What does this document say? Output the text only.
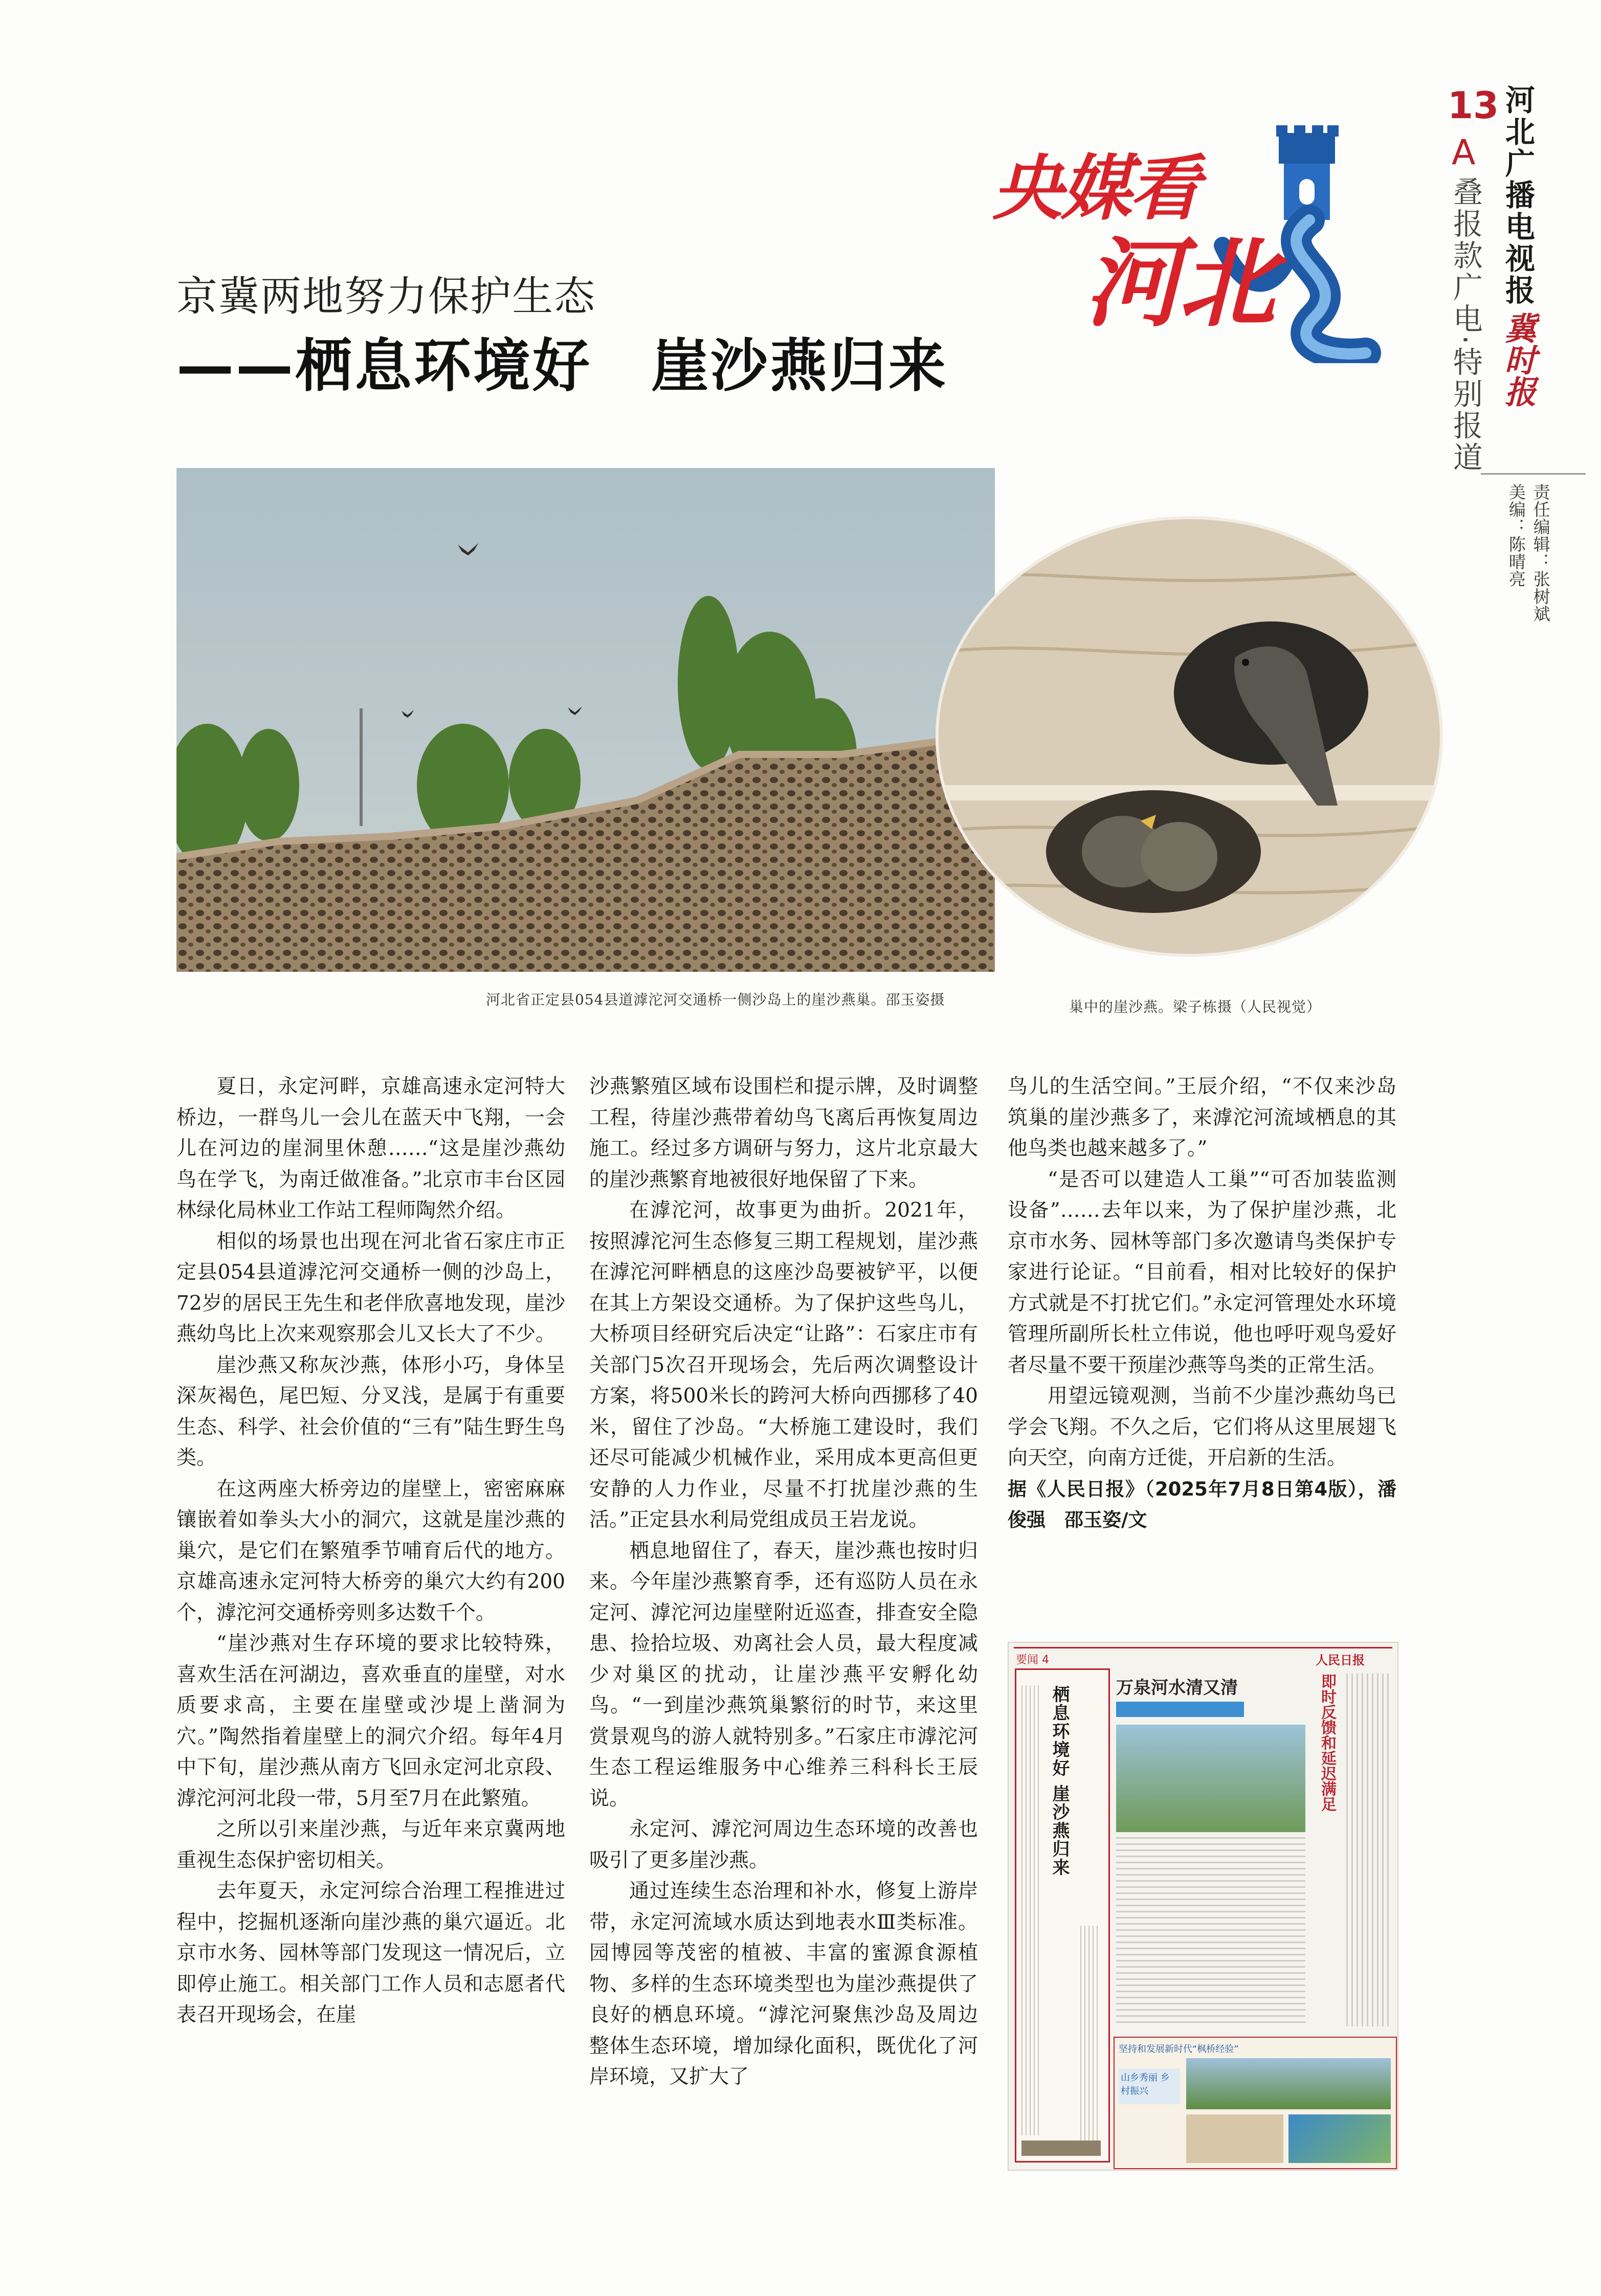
13 河北广播电视报
冀时报
A
叠报款广电·特别报道
责任编辑：张树斌
美编：陈晴亮
央媒看
河北
京冀两地努力保护生态
——栖息环境好　崖沙燕归来
河北省正定县054县道滹沱河交通桥一侧沙岛上的崖沙燕巢。邵玉姿摄	巢中的崖沙燕。梁子栋摄（人民视觉）

夏日，永定河畔，京雄高速永定河特大桥边，一群鸟儿一会儿在蓝天中飞翔，一会儿在河边的崖洞里休憩……“这是崖沙燕幼鸟在学飞，为南迁做准备。”北京市丰台区园林绿化局林业工作站工程师陶然介绍。

相似的场景也出现在河北省石家庄市正定县054县道滹沱河交通桥一侧的沙岛上，72岁的居民王先生和老伴欣喜地发现，崖沙燕幼鸟比上次来观察那会儿又长大了不少。

崖沙燕又称灰沙燕，体形小巧，身体呈深灰褐色，尾巴短、分叉浅，是属于有重要生态、科学、社会价值的“三有”陆生野生鸟类。

在这两座大桥旁边的崖壁上，密密麻麻镶嵌着如拳头大小的洞穴，这就是崖沙燕的巢穴，是它们在繁殖季节哺育后代的地方。京雄高速永定河特大桥旁的巢穴大约有200个，滹沱河交通桥旁则多达数千个。

“崖沙燕对生存环境的要求比较特殊，喜欢生活在河湖边，喜欢垂直的崖壁，对水质要求高，主要在崖壁或沙堤上凿洞为穴。”陶然指着崖壁上的洞穴介绍。每年4月中下旬，崖沙燕从南方飞回永定河北京段、滹沱河河北段一带，5月至7月在此繁殖。

之所以引来崖沙燕，与近年来京冀两地重视生态保护密切相关。

去年夏天，永定河综合治理工程推进过程中，挖掘机逐渐向崖沙燕的巢穴逼近。北京市水务、园林等部门发现这一情况后，立即停止施工。相关部门工作人员和志愿者代表召开现场会，在崖

沙燕繁殖区域布设围栏和提示牌，及时调整工程，待崖沙燕带着幼鸟飞离后再恢复周边施工。经过多方调研与努力，这片北京最大的崖沙燕繁育地被很好地保留了下来。

在滹沱河，故事更为曲折。2021年，按照滹沱河生态修复三期工程规划，崖沙燕在滹沱河畔栖息的这座沙岛要被铲平，以便在其上方架设交通桥。为了保护这些鸟儿，大桥项目经研究后决定“让路”：石家庄市有关部门5次召开现场会，先后两次调整设计方案，将500米长的跨河大桥向西挪移了40米，留住了沙岛。“大桥施工建设时，我们还尽可能减少机械作业，采用成本更高但更安静的人力作业，尽量不打扰崖沙燕的生活。”正定县水利局党组成员王岩龙说。

栖息地留住了，春天，崖沙燕也按时归来。今年崖沙燕繁育季，还有巡防人员在永定河、滹沱河边崖壁附近巡查，排查安全隐患、捡拾垃圾、劝离社会人员，最大程度减少对巢区的扰动，让崖沙燕平安孵化幼鸟。“一到崖沙燕筑巢繁衍的时节，来这里赏景观鸟的游人就特别多。”石家庄市滹沱河生态工程运维服务中心维养三科科长王辰说。

永定河、滹沱河周边生态环境的改善也吸引了更多崖沙燕。

通过连续生态治理和补水，修复上游岸带，永定河流域水质达到地表水Ⅲ类标准。园博园等茂密的植被、丰富的蜜源食源植物、多样的生态环境类型也为崖沙燕提供了良好的栖息环境。“滹沱河聚焦沙岛及周边整体生态环境，增加绿化面积，既优化了河岸环境，又扩大了

鸟儿的生活空间。”王辰介绍，“不仅来沙岛筑巢的崖沙燕多了，来滹沱河流域栖息的其他鸟类也越来越多了。”

“是否可以建造人工巢”“可否加装监测设备”……去年以来，为了保护崖沙燕，北京市水务、园林等部门多次邀请鸟类保护专家进行论证。“目前看，相对比较好的保护方式就是不打扰它们。”永定河管理处水环境管理所副所长杜立伟说，他也呼吁观鸟爱好者尽量不要干预崖沙燕等鸟类的正常生活。

用望远镜观测，当前不少崖沙燕幼鸟已学会飞翔。不久之后，它们将从这里展翅飞向天空，向南方迁徙，开启新的生活。

据《人民日报》（2025年7月8日第4版），潘俊强　邵玉姿/文

要闻 4	人民日报
栖息环境好 崖沙燕归来	万泉河水清又清	即时反馈和延迟满足
坚持和发展新时代“枫桥经验”
山乡秀丽 乡村振兴
